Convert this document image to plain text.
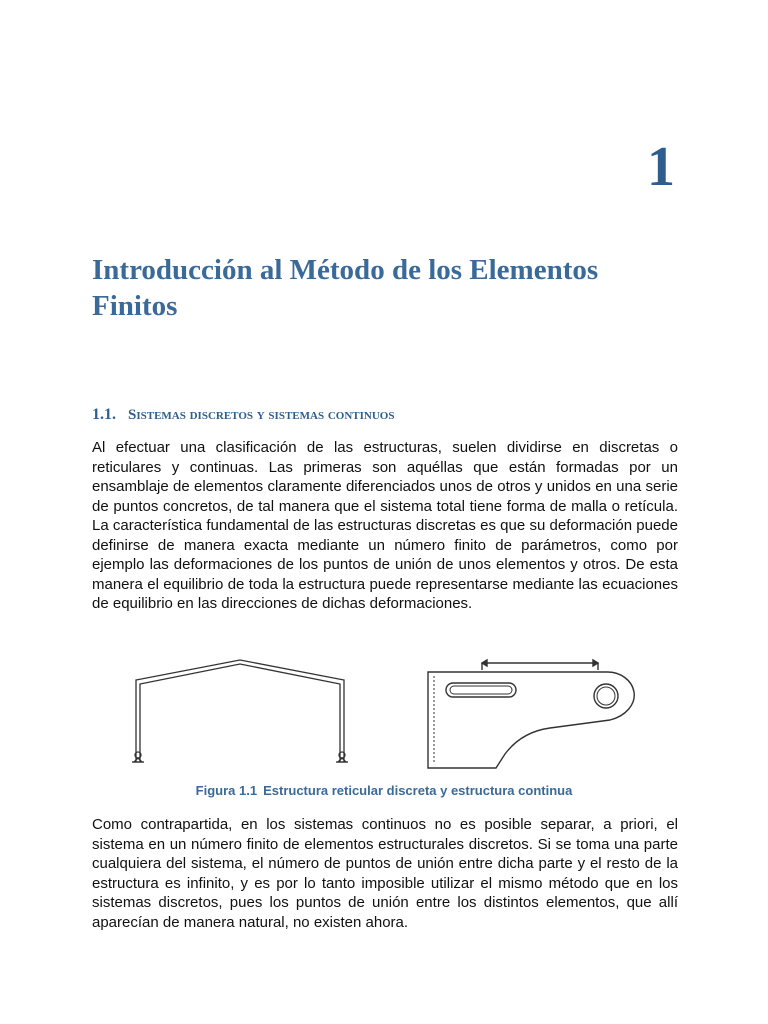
1
Introducción al Método de los Elementos Finitos
1.1. Sistemas discretos y sistemas continuos

Al efectuar una clasificación de las estructuras, suelen dividirse en discretas o reticulares y continuas. Las primeras son aquéllas que están formadas por un ensamblaje de elementos claramente diferenciados unos de otros y unidos en una serie de puntos concretos, de tal manera que el sistema total tiene forma de malla o retícula. La característica fundamental de las estructuras discretas es que su deformación puede definirse de manera exacta mediante un número finito de parámetros, como por ejemplo las deformaciones de los puntos de unión de unos elementos y otros. De esta manera el equilibrio de toda la estructura puede representarse mediante las ecuaciones de equilibrio en las direcciones de dichas deformaciones.

Figura 1.1 Estructura reticular discreta y estructura continua

Como contrapartida, en los sistemas continuos no es posible separar, a priori, el sistema en un número finito de elementos estructurales discretos. Si se toma una parte cualquiera del sistema, el número de puntos de unión entre dicha parte y el resto de la estructura es infinito, y es por lo tanto imposible utilizar el mismo método que en los sistemas discretos, pues los puntos de unión entre los distintos elementos, que allí aparecían de manera natural, no existen ahora.
